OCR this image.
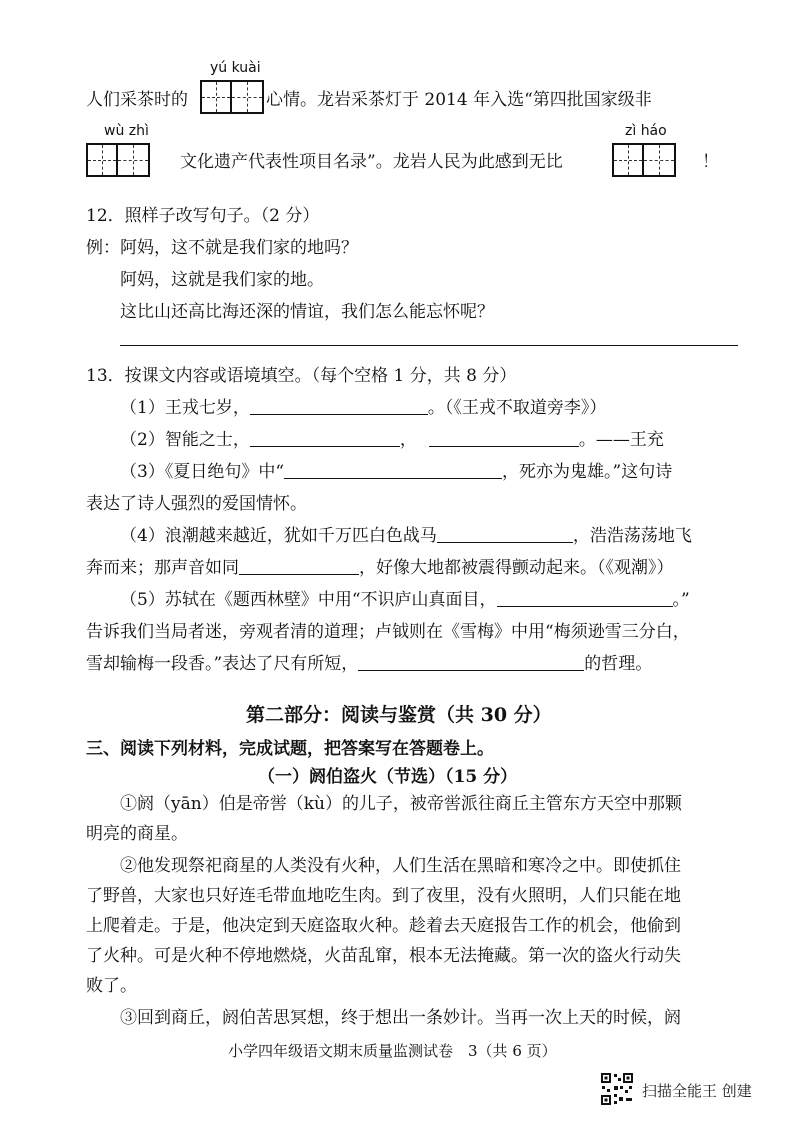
yú kuài
人们采茶时的	心情。龙岩采茶灯于 2014 年入选“第四批国家级非
wù zhì
文化遗产代表性项目名录”。龙岩人民为此感到无比
zì háo
！
12．照样子改写句子。（2 分）
例：阿妈，这不就是我们家的地吗？
阿妈，这就是我们家的地。
这比山还高比海还深的情谊，我们怎么能忘怀呢？
13．按课文内容或语境填空。（每个空格 1 分，共 8 分）
（1）王戎七岁，	。（《王戎不取道旁李》）
（2）智能之士，	，	。——王充
（3）《夏日绝句》中“	，死亦为鬼雄。”这句诗
表达了诗人强烈的爱国情怀。
（4）浪潮越来越近，犹如千万匹白色战马	，浩浩荡荡地飞
奔而来；那声音如同	，好像大地都被震得颤动起来。（《观潮》）
（5）苏轼在《题西林壁》中用“不识庐山真面目，	。”
告诉我们当局者迷，旁观者清的道理；卢钺则在《雪梅》中用“梅须逊雪三分白，
雪却输梅一段香。”表达了尺有所短，	的哲理。
第二部分：阅读与鉴赏（共 30 分）
三、阅读下列材料，完成试题，把答案写在答题卷上。
（一）阏伯盗火（节选）（15 分）
①阏（yān）伯是帝喾（kù）的儿子，被帝喾派往商丘主管东方天空中那颗
明亮的商星。
②他发现祭祀商星的人类没有火种，人们生活在黑暗和寒冷之中。即使抓住
了野兽，大家也只好连毛带血地吃生肉。到了夜里，没有火照明，人们只能在地
上爬着走。于是，他决定到天庭盗取火种。趁着去天庭报告工作的机会，他偷到
了火种。可是火种不停地燃烧，火苗乱窜，根本无法掩藏。第一次的盗火行动失
败了。
③回到商丘，阏伯苦思冥想，终于想出一条妙计。当再一次上天的时候，阏
小学四年级语文期末质量监测试卷　3（共 6 页）
扫描全能王 创建
